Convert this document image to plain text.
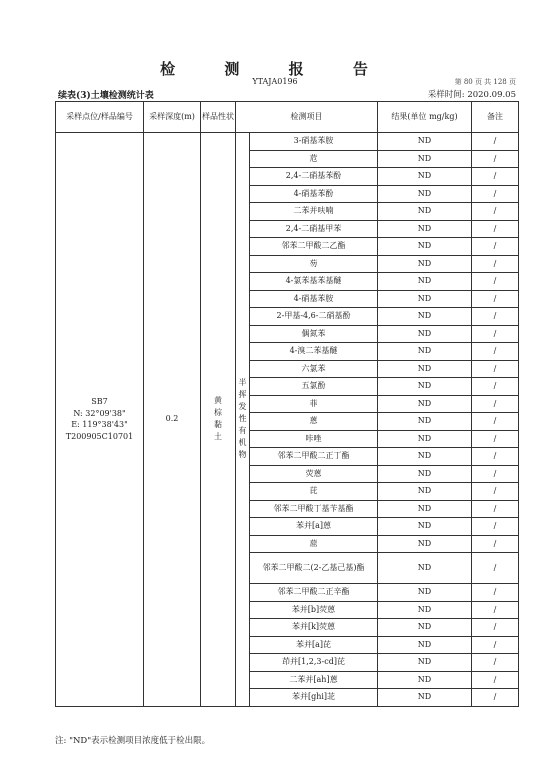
检 测 报 告
YTAJA0196	第 80 页 共 128 页
续表(3)土壤检测统计表	采样时间: 2020.09.05
采样点位/样品编号	采样深度(m)	样品性状	检测项目		结果(单位 mg/kg)	备注

SB7
N: 32°09'38"
E: 119°38'43"
T200905C10701	0.2	黄棕黏土	半挥发性有机物	3-硝基苯胺	ND	/
				苊	ND	/
				2,4-二硝基苯酚	ND	/
				4-硝基苯酚	ND	/
				二苯并呋喃	ND	/
				2,4-二硝基甲苯	ND	/
				邻苯二甲酸二乙酯	ND	/
				芴	ND	/
				4-氯苯基苯基醚	ND	/
				4-硝基苯胺	ND	/
				2-甲基-4,6-二硝基酚	ND	/
				偶氮苯	ND	/
				4-溴二苯基醚	ND	/
				六氯苯	ND	/
				五氯酚	ND	/
				菲	ND	/
				蒽	ND	/
				咔唑	ND	/
				邻苯二甲酸二正丁酯	ND	/
				荧蒽	ND	/
				芘	ND	/
				邻苯二甲酸丁基苄基酯	ND	/
				苯并[a]蒽	ND	/
				䓛	ND	/
				邻苯二甲酸二(2-乙基己基)酯	ND	/
				邻苯二甲酸二正辛酯	ND	/
				苯并[b]荧蒽	ND	/
				苯并[k]荧蒽	ND	/
				苯并[a]芘	ND	/
				茚并[1,2,3-cd]芘	ND	/
				二苯并[ah]蒽	ND	/
				苯并[ghi]苝	ND	/
注: "ND"表示检测项目浓度低于检出限。
